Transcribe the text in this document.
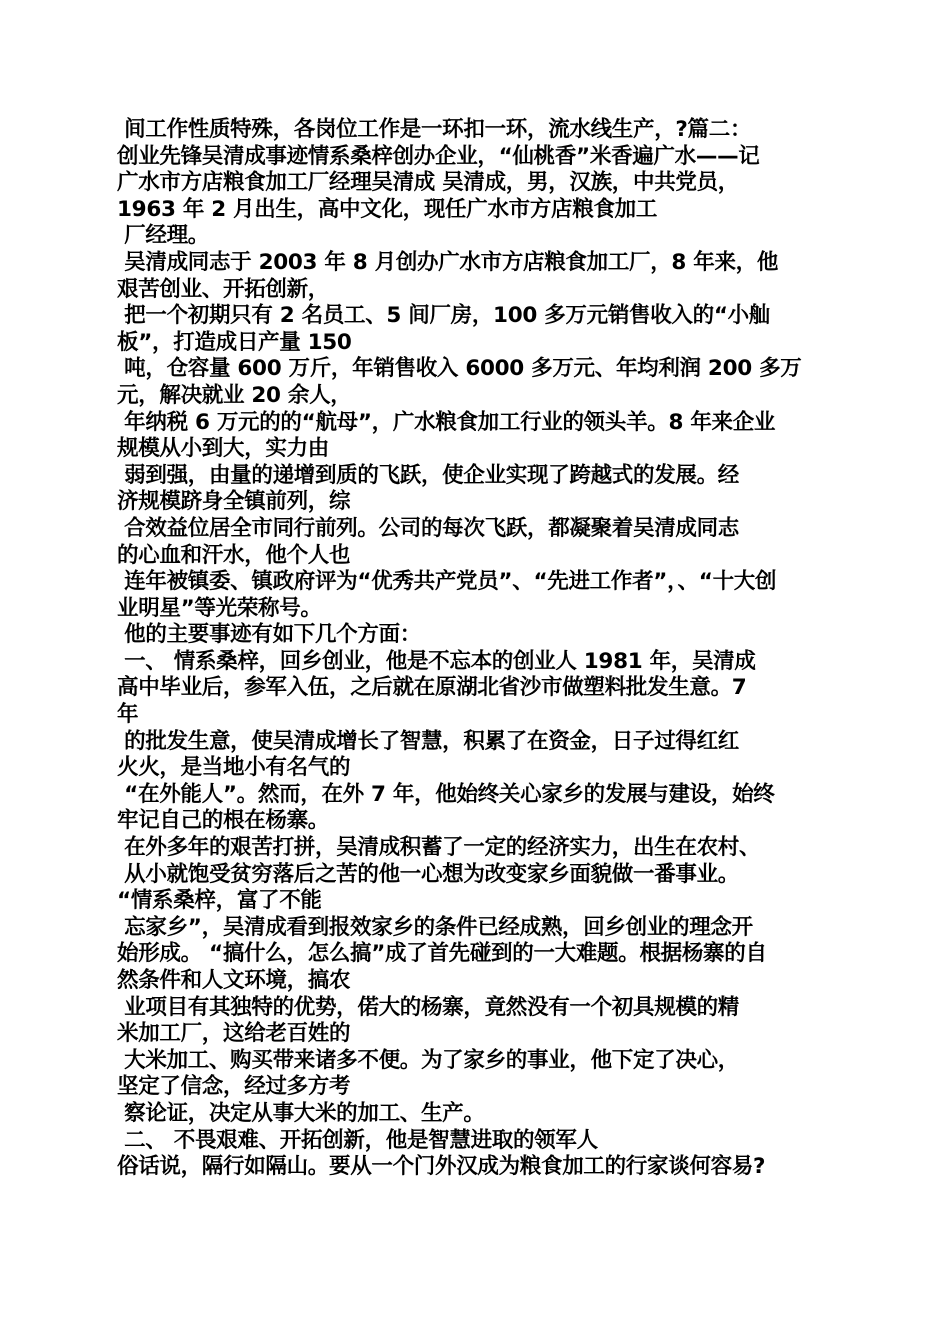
间工作性质特殊，各岗位工作是一环扣一环，流水线生产，?篇二：
创业先锋吴清成事迹情系桑梓创办企业，“仙桃香”米香遍广水——记
广水市方店粮食加工厂经理吴清成 吴清成，男，汉族，中共党员，
1963 年 2 月出生，高中文化，现任广水市方店粮食加工
厂经理。
吴清成同志于 2003 年 8 月创办广水市方店粮食加工厂，8 年来，他
艰苦创业、开拓创新，
把一个初期只有 2 名员工、5 间厂房，100 多万元销售收入的“小舢
板”，打造成日产量 150
吨，仓容量 600 万斤，年销售收入 6000 多万元、年均利润 200 多万
元，解决就业 20 余人，
年纳税 6 万元的的“航母”，广水粮食加工行业的领头羊。8 年来企业
规模从小到大，实力由
弱到强，由量的递增到质的飞跃，使企业实现了跨越式的发展。经
济规模跻身全镇前列，综
合效益位居全市同行前列。公司的每次飞跃，都凝聚着吴清成同志
的心血和汗水，他个人也
连年被镇委、镇政府评为“优秀共产党员”、“先进工作者”，、“十大创
业明星”等光荣称号。
他的主要事迹有如下几个方面：
一、 情系桑梓，回乡创业，他是不忘本的创业人 1981 年，吴清成
高中毕业后，参军入伍，之后就在原湖北省沙市做塑料批发生意。7
年
的批发生意，使吴清成增长了智慧，积累了在资金，日子过得红红
火火，是当地小有名气的
“在外能人”。然而，在外 7 年，他始终关心家乡的发展与建设，始终
牢记自己的根在杨寨。
在外多年的艰苦打拼，吴清成积蓄了一定的经济实力，出生在农村、
从小就饱受贫穷落后之苦的他一心想为改变家乡面貌做一番事业。
“情系桑梓，富了不能
忘家乡”，吴清成看到报效家乡的条件已经成熟，回乡创业的理念开
始形成。 “搞什么，怎么搞”成了首先碰到的一大难题。根据杨寨的自
然条件和人文环境，搞农
业项目有其独特的优势，偌大的杨寨，竟然没有一个初具规模的精
米加工厂，这给老百姓的
大米加工、购买带来诸多不便。为了家乡的事业，他下定了决心，
坚定了信念，经过多方考
察论证，决定从事大米的加工、生产。
二、 不畏艰难、开拓创新，他是智慧进取的领军人
俗话说，隔行如隔山。要从一个门外汉成为粮食加工的行家谈何容易?
